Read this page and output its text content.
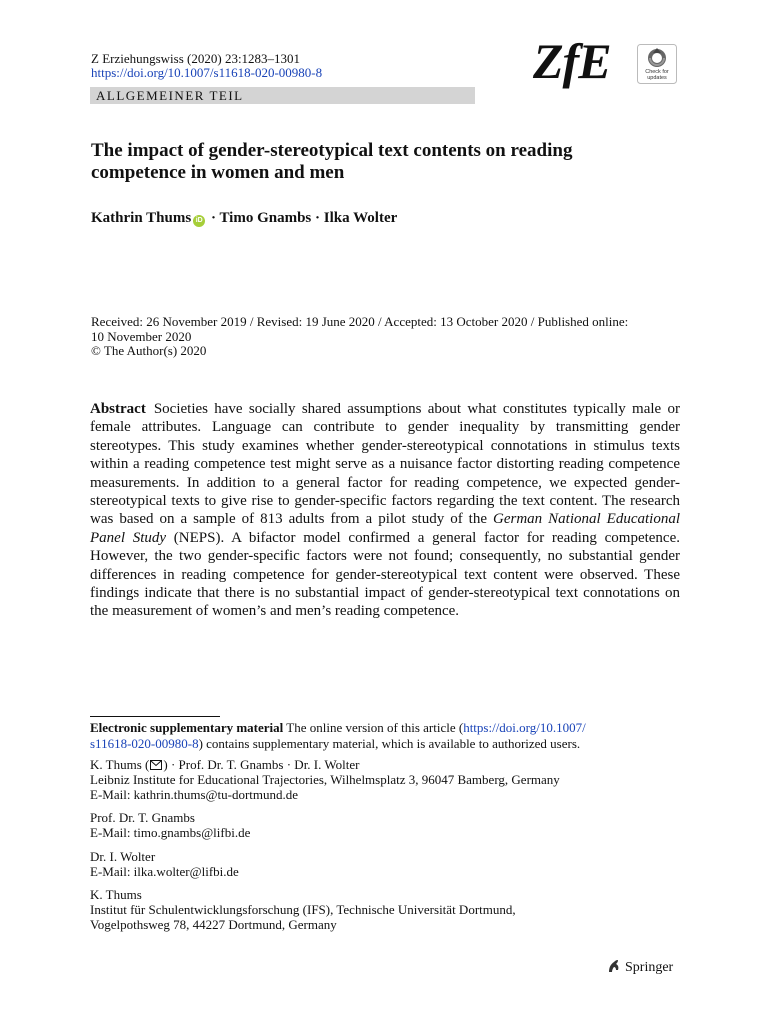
Z Erziehungswiss (2020) 23:1283–1301
https://doi.org/10.1007/s11618-020-00980-8	ZfE	Check for updates
ALLGEMEINER TEIL
The impact of gender-stereotypical text contents on reading competence in women and men
Kathrin Thums iD · Timo Gnambs · Ilka Wolter
Received: 26 November 2019 / Revised: 19 June 2020 / Accepted: 13 October 2020 / Published online:
10 November 2020
© The Author(s) 2020
Abstract Societies have socially shared assumptions about what constitutes typically male or female attributes. Language can contribute to gender inequality by transmitting gender stereotypes. This study examines whether gender-stereotypical connotations in stimulus texts within a reading competence test might serve as a nuisance factor distorting reading competence measurements. In addition to a general factor for reading competence, we expected gender-stereotypical texts to give rise to gender-specific factors regarding the text content. The research was based on a sample of 813 adults from a pilot study of the German National Educational Panel Study (NEPS). A bifactor model confirmed a general factor for reading competence. However, the two gender-specific factors were not found; consequently, no substantial gender differences in reading competence for gender-stereotypical text content were observed. These findings indicate that there is no substantial impact of gender-stereotypical text connotations on the measurement of women’s and men’s reading competence.
Electronic supplementary material The online version of this article (https://doi.org/10.1007/
s11618-020-00980-8) contains supplementary material, which is available to authorized users.
K. Thums ( ) · Prof. Dr. T. Gnambs · Dr. I. Wolter
Leibniz Institute for Educational Trajectories, Wilhelmsplatz 3, 96047 Bamberg, Germany
E-Mail: kathrin.thums@tu-dortmund.de
Prof. Dr. T. Gnambs
E-Mail: timo.gnambs@lifbi.de
Dr. I. Wolter
E-Mail: ilka.wolter@lifbi.de
K. Thums
Institut für Schulentwicklungsforschung (IFS), Technische Universität Dortmund,
Vogelpothsweg 78, 44227 Dortmund, Germany
Springer
